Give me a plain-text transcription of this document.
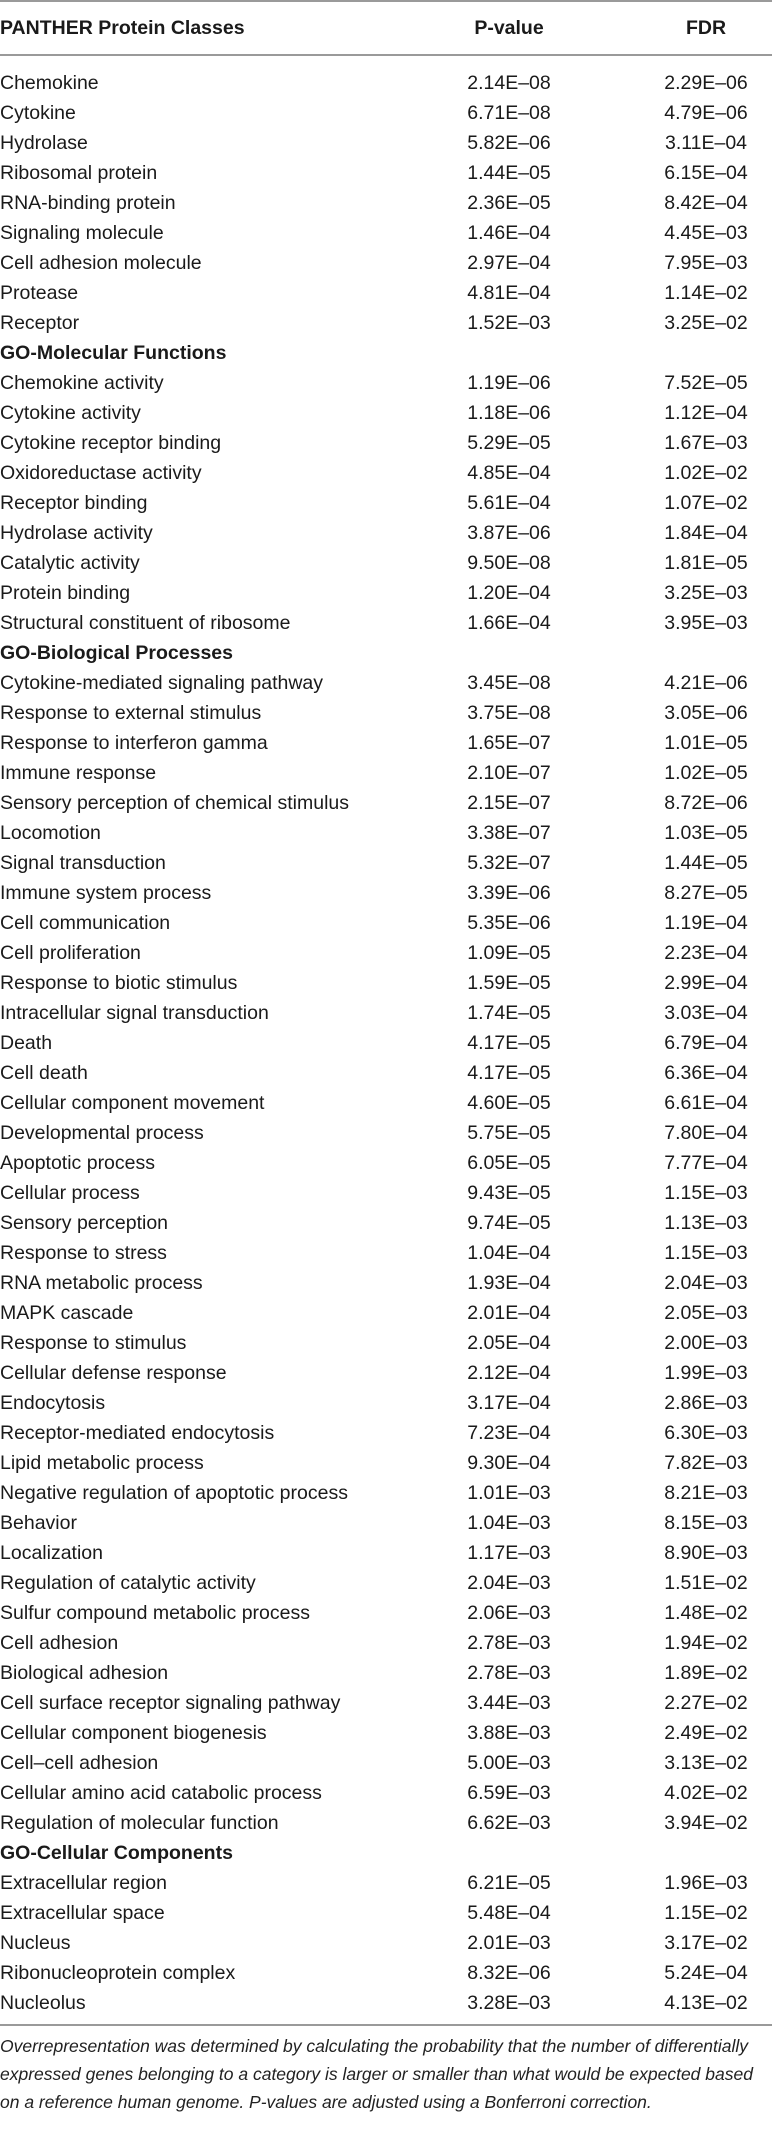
PANTHER Protein Classes	P-value	FDR
Chemokine	2.14E–08	2.29E–06
Cytokine	6.71E–08	4.79E–06
Hydrolase	5.82E–06	3.11E–04
Ribosomal protein	1.44E–05	6.15E–04
RNA-binding protein	2.36E–05	8.42E–04
Signaling molecule	1.46E–04	4.45E–03
Cell adhesion molecule	2.97E–04	7.95E–03
Protease	4.81E–04	1.14E–02
Receptor	1.52E–03	3.25E–02
GO-Molecular Functions		
Chemokine activity	1.19E–06	7.52E–05
Cytokine activity	1.18E–06	1.12E–04
Cytokine receptor binding	5.29E–05	1.67E–03
Oxidoreductase activity	4.85E–04	1.02E–02
Receptor binding	5.61E–04	1.07E–02
Hydrolase activity	3.87E–06	1.84E–04
Catalytic activity	9.50E–08	1.81E–05
Protein binding	1.20E–04	3.25E–03
Structural constituent of ribosome	1.66E–04	3.95E–03
GO-Biological Processes		
Cytokine-mediated signaling pathway	3.45E–08	4.21E–06
Response to external stimulus	3.75E–08	3.05E–06
Response to interferon gamma	1.65E–07	1.01E–05
Immune response	2.10E–07	1.02E–05
Sensory perception of chemical stimulus	2.15E–07	8.72E–06
Locomotion	3.38E–07	1.03E–05
Signal transduction	5.32E–07	1.44E–05
Immune system process	3.39E–06	8.27E–05
Cell communication	5.35E–06	1.19E–04
Cell proliferation	1.09E–05	2.23E–04
Response to biotic stimulus	1.59E–05	2.99E–04
Intracellular signal transduction	1.74E–05	3.03E–04
Death	4.17E–05	6.79E–04
Cell death	4.17E–05	6.36E–04
Cellular component movement	4.60E–05	6.61E–04
Developmental process	5.75E–05	7.80E–04
Apoptotic process	6.05E–05	7.77E–04
Cellular process	9.43E–05	1.15E–03
Sensory perception	9.74E–05	1.13E–03
Response to stress	1.04E–04	1.15E–03
RNA metabolic process	1.93E–04	2.04E–03
MAPK cascade	2.01E–04	2.05E–03
Response to stimulus	2.05E–04	2.00E–03
Cellular defense response	2.12E–04	1.99E–03
Endocytosis	3.17E–04	2.86E–03
Receptor-mediated endocytosis	7.23E–04	6.30E–03
Lipid metabolic process	9.30E–04	7.82E–03
Negative regulation of apoptotic process	1.01E–03	8.21E–03
Behavior	1.04E–03	8.15E–03
Localization	1.17E–03	8.90E–03
Regulation of catalytic activity	2.04E–03	1.51E–02
Sulfur compound metabolic process	2.06E–03	1.48E–02
Cell adhesion	2.78E–03	1.94E–02
Biological adhesion	2.78E–03	1.89E–02
Cell surface receptor signaling pathway	3.44E–03	2.27E–02
Cellular component biogenesis	3.88E–03	2.49E–02
Cell–cell adhesion	5.00E–03	3.13E–02
Cellular amino acid catabolic process	6.59E–03	4.02E–02
Regulation of molecular function	6.62E–03	3.94E–02
GO-Cellular Components		
Extracellular region	6.21E–05	1.96E–03
Extracellular space	5.48E–04	1.15E–02
Nucleus	2.01E–03	3.17E–02
Ribonucleoprotein complex	8.32E–06	5.24E–04
Nucleolus	3.28E–03	4.13E–02
Overrepresentation was determined by calculating the probability that the number of differentially expressed genes belonging to a category is larger or smaller than what would be expected based on a reference human genome. P-values are adjusted using a Bonferroni correction.
